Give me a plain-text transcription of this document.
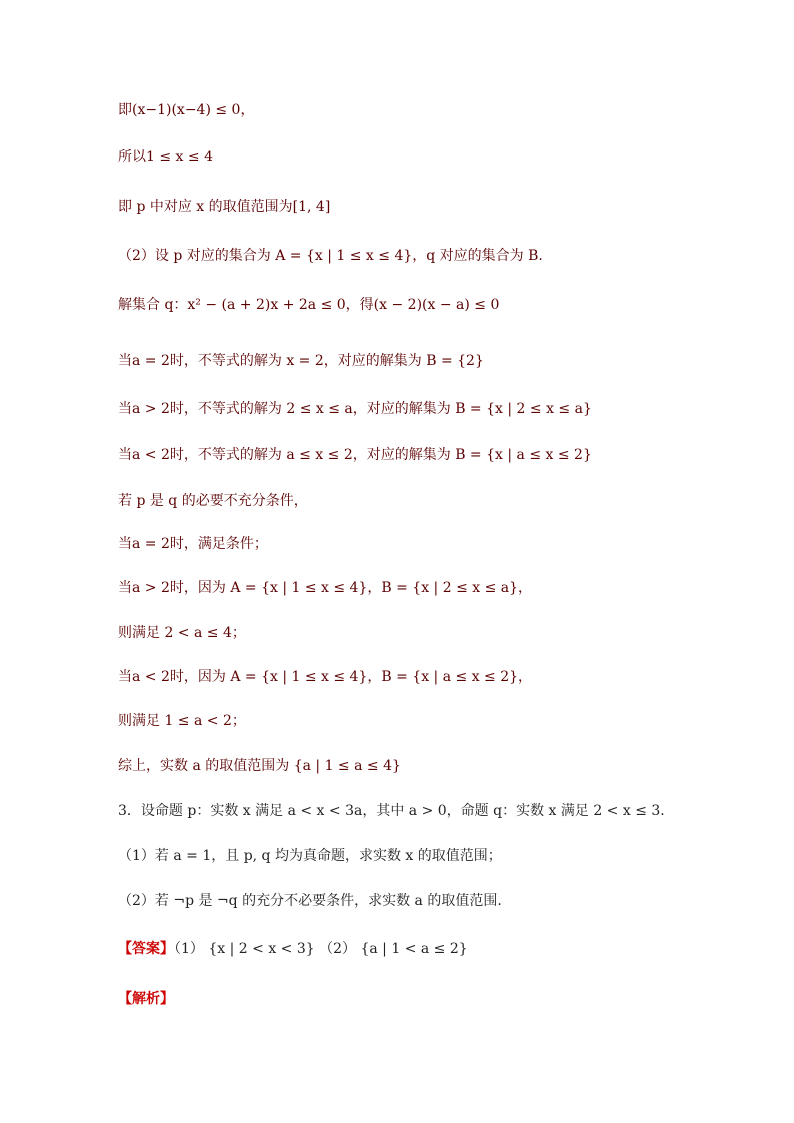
即(x−1)(x−4) ≤ 0，
所以1 ≤ x ≤ 4
即 p 中对应 x 的取值范围为[1, 4]
（2）设 p 对应的集合为 A = {x | 1 ≤ x ≤ 4}，q 对应的集合为 B.
解集合 q：x² − (a + 2)x + 2a ≤ 0，得(x − 2)(x − a) ≤ 0
当a = 2时，不等式的解为 x = 2，对应的解集为 B = {2}
当a > 2时，不等式的解为 2 ≤ x ≤ a，对应的解集为 B = {x | 2 ≤ x ≤ a}
当a < 2时，不等式的解为 a ≤ x ≤ 2，对应的解集为 B = {x | a ≤ x ≤ 2}
若 p 是 q 的必要不充分条件，
当a = 2时，满足条件；
当a > 2时，因为 A = {x | 1 ≤ x ≤ 4}，B = {x | 2 ≤ x ≤ a}，
则满足 2 < a ≤ 4；
当a < 2时，因为 A = {x | 1 ≤ x ≤ 4}，B = {x | a ≤ x ≤ 2}，
则满足 1 ≤ a < 2；
综上，实数 a 的取值范围为 {a | 1 ≤ a ≤ 4}
3．设命题 p：实数 x 满足 a < x < 3a，其中 a > 0，命题 q：实数 x 满足 2 < x ≤ 3.
（1）若 a = 1，且 p, q 均为真命题，求实数 x 的取值范围；
（2）若 ¬p 是 ¬q 的充分不必要条件，求实数 a 的取值范围.
【答案】（1） {x | 2 < x < 3} （2） {a | 1 < a ≤ 2}
【解析】
